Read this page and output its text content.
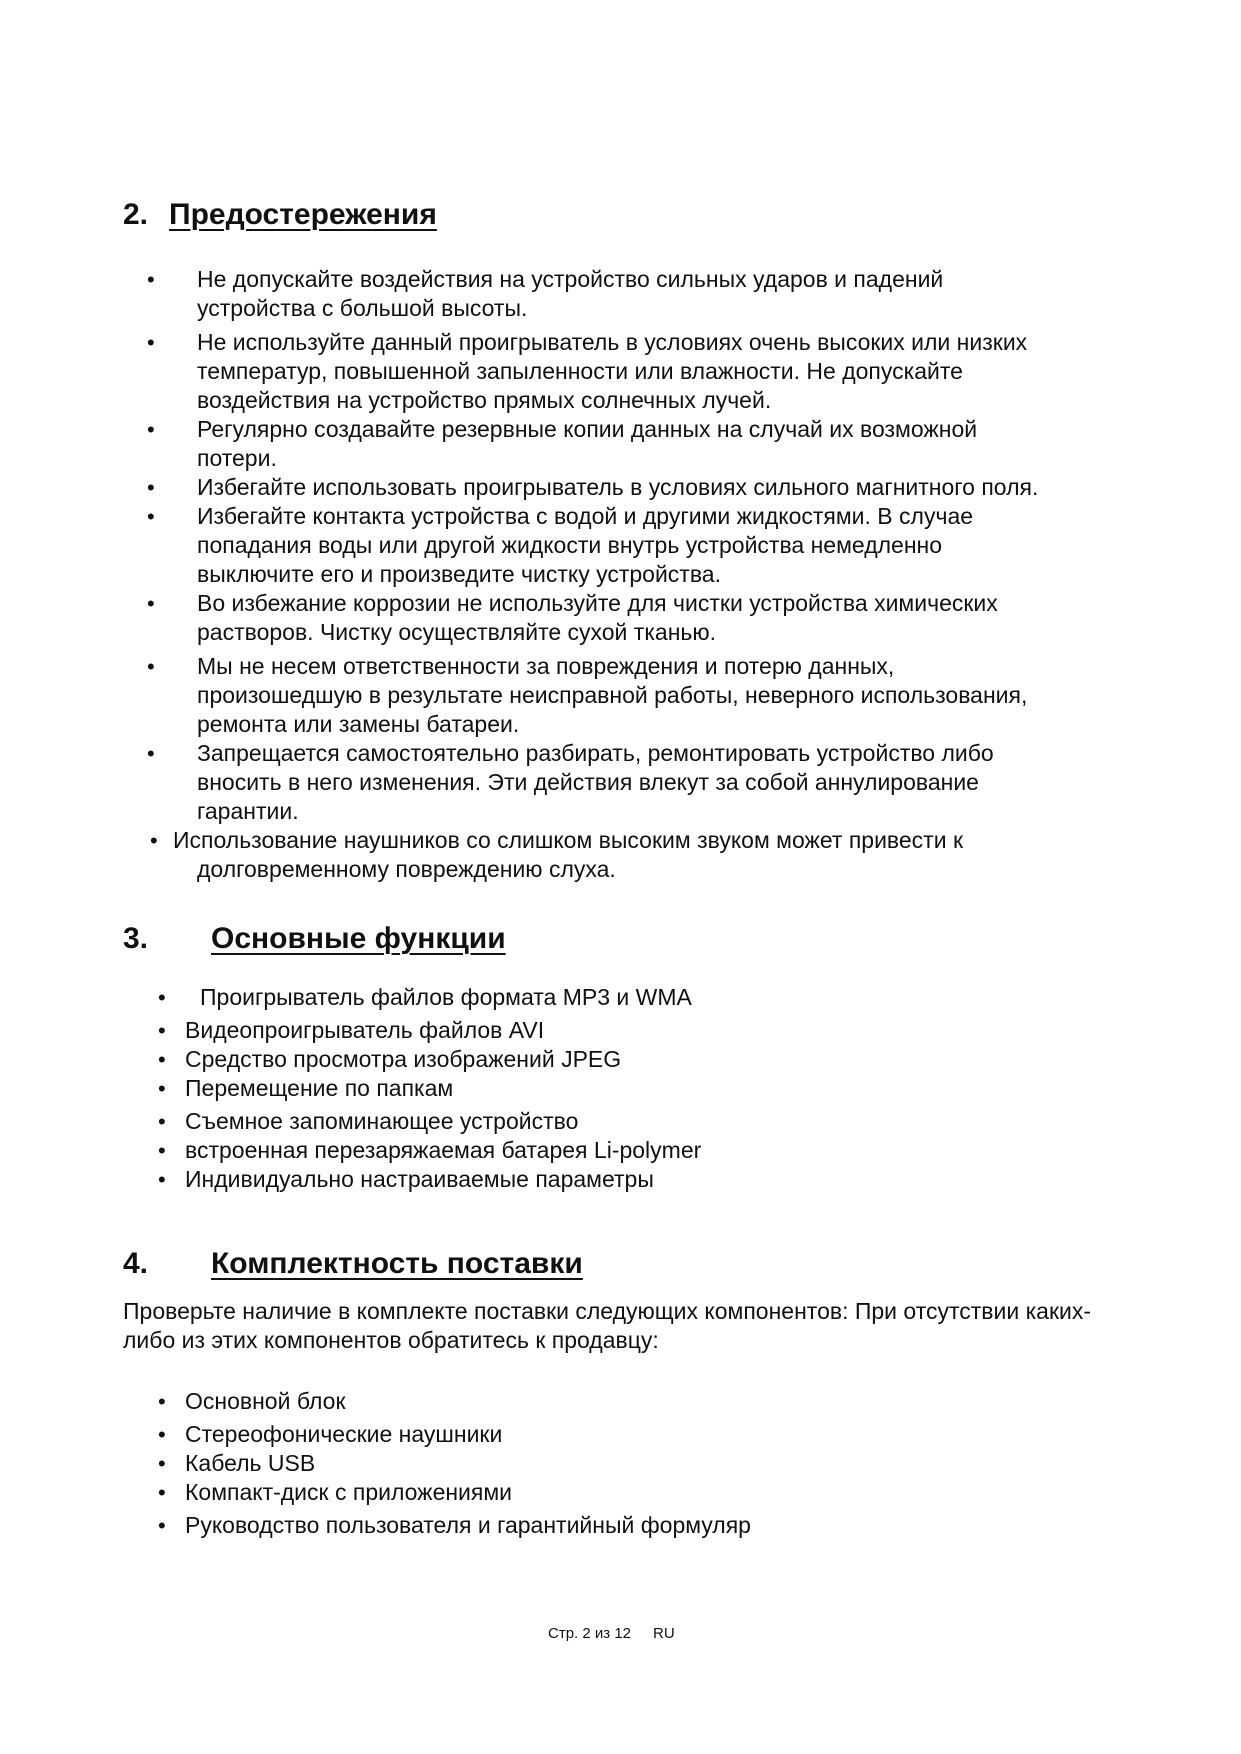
2. Предостережения
• Не допускайте воздействия на устройство сильных ударов и падений
устройства с большой высоты.
• Не используйте данный проигрыватель в условиях очень высоких или низких
температур, повышенной запыленности или влажности. Не допускайте
воздействия на устройство прямых солнечных лучей.
• Регулярно создавайте резервные копии данных на случай их возможной
потери.
• Избегайте использовать проигрыватель в условиях сильного магнитного поля.
• Избегайте контакта устройства с водой и другими жидкостями. В случае
попадания воды или другой жидкости внутрь устройства немедленно
выключите его и произведите чистку устройства.
• Во избежание коррозии не используйте для чистки устройства химических
растворов. Чистку осуществляйте сухой тканью.
• Мы не несем ответственности за повреждения и потерю данных,
произошедшую в результате неисправной работы, неверного использования,
ремонта или замены батареи.
• Запрещается самостоятельно разбирать, ремонтировать устройство либо
вносить в него изменения. Эти действия влекут за собой аннулирование
гарантии.
• Использование наушников со слишком высоким звуком может привести к
долговременному повреждению слуха.
3. Основные функции
• Проигрыватель файлов формата MP3 и WMA
• Видеопроигрыватель файлов AVI
• Средство просмотра изображений JPEG
• Перемещение по папкам
• Съемное запоминающее устройство
• встроенная перезаряжаемая батарея Li-polymer
• Индивидуально настраиваемые параметры
4. Комплектность поставки

Проверьте наличие в комплекте поставки следующих компонентов: При отсутствии каких-либо из этих компонентов обратитесь к продавцу:

• Основной блок
• Стереофонические наушники
• Кабель USB
• Компакт-диск с приложениями
• Руководство пользователя и гарантийный формуляр
Стр. 2 из 12 RU
